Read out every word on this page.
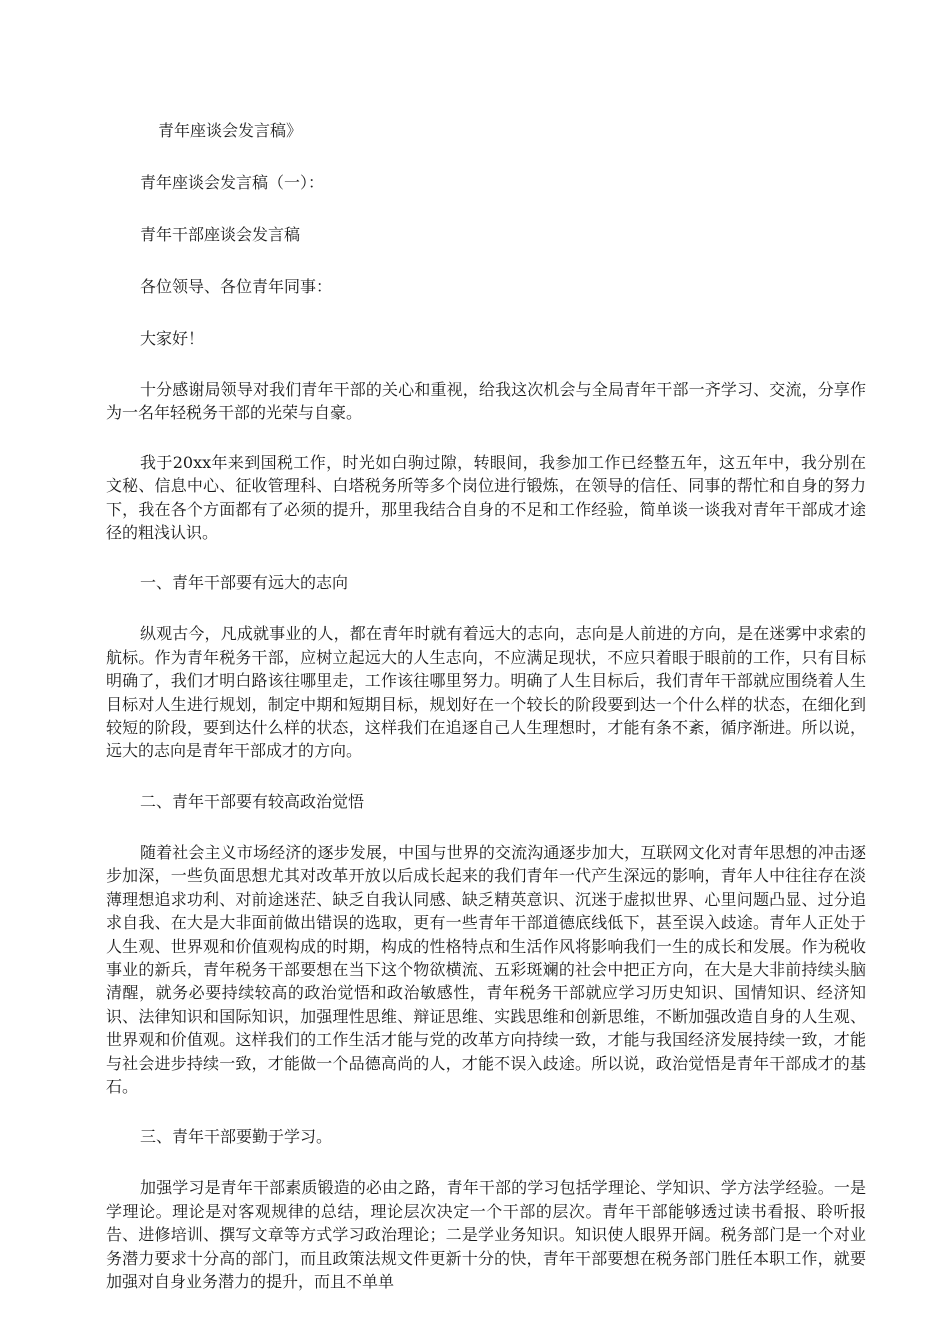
青年座谈会发言稿》

青年座谈会发言稿（一）：

青年干部座谈会发言稿

各位领导、各位青年同事：

大家好！

十分感谢局领导对我们青年干部的关心和重视，给我这次机会与全局青年干部一齐学习、交流，分享作为一名年轻税务干部的光荣与自豪。

我于20xx年来到国税工作，时光如白驹过隙，转眼间，我参加工作已经整五年，这五年中，我分别在文秘、信息中心、征收管理科、白塔税务所等多个岗位进行锻炼，在领导的信任、同事的帮忙和自身的努力下，我在各个方面都有了必须的提升，那里我结合自身的不足和工作经验，简单谈一谈我对青年干部成才途径的粗浅认识。

一、青年干部要有远大的志向

纵观古今，凡成就事业的人，都在青年时就有着远大的志向，志向是人前进的方向，是在迷雾中求索的航标。作为青年税务干部，应树立起远大的人生志向，不应满足现状，不应只着眼于眼前的工作，只有目标明确了，我们才明白路该往哪里走，工作该往哪里努力。明确了人生目标后，我们青年干部就应围绕着人生目标对人生进行规划，制定中期和短期目标，规划好在一个较长的阶段要到达一个什么样的状态，在细化到较短的阶段，要到达什么样的状态，这样我们在追逐自己人生理想时，才能有条不紊，循序渐进。所以说，远大的志向是青年干部成才的方向。

二、青年干部要有较高政治觉悟

随着社会主义市场经济的逐步发展，中国与世界的交流沟通逐步加大，互联网文化对青年思想的冲击逐步加深，一些负面思想尤其对改革开放以后成长起来的我们青年一代产生深远的影响，青年人中往往存在淡薄理想追求功利、对前途迷茫、缺乏自我认同感、缺乏精英意识、沉迷于虚拟世界、心里问题凸显、过分追求自我、在大是大非面前做出错误的选取，更有一些青年干部道德底线低下，甚至误入歧途。青年人正处于人生观、世界观和价值观构成的时期，构成的性格特点和生活作风将影响我们一生的成长和发展。作为税收事业的新兵，青年税务干部要想在当下这个物欲横流、五彩斑斓的社会中把正方向，在大是大非前持续头脑清醒，就务必要持续较高的政治觉悟和政治敏感性，青年税务干部就应学习历史知识、国情知识、经济知识、法律知识和国际知识，加强理性思维、辩证思维、实践思维和创新思维，不断加强改造自身的人生观、世界观和价值观。这样我们的工作生活才能与党的改革方向持续一致，才能与我国经济发展持续一致，才能与社会进步持续一致，才能做一个品德高尚的人，才能不误入歧途。所以说，政治觉悟是青年干部成才的基石。

三、青年干部要勤于学习。

加强学习是青年干部素质锻造的必由之路，青年干部的学习包括学理论、学知识、学方法学经验。一是学理论。理论是对客观规律的总结，理论层次决定一个干部的层次。青年干部能够透过读书看报、聆听报告、进修培训、撰写文章等方式学习政治理论；二是学业务知识。知识使人眼界开阔。税务部门是一个对业务潜力要求十分高的部门，而且政策法规文件更新十分的快，青年干部要想在税务部门胜任本职工作，就要加强对自身业务潜力的提升，而且不单单
